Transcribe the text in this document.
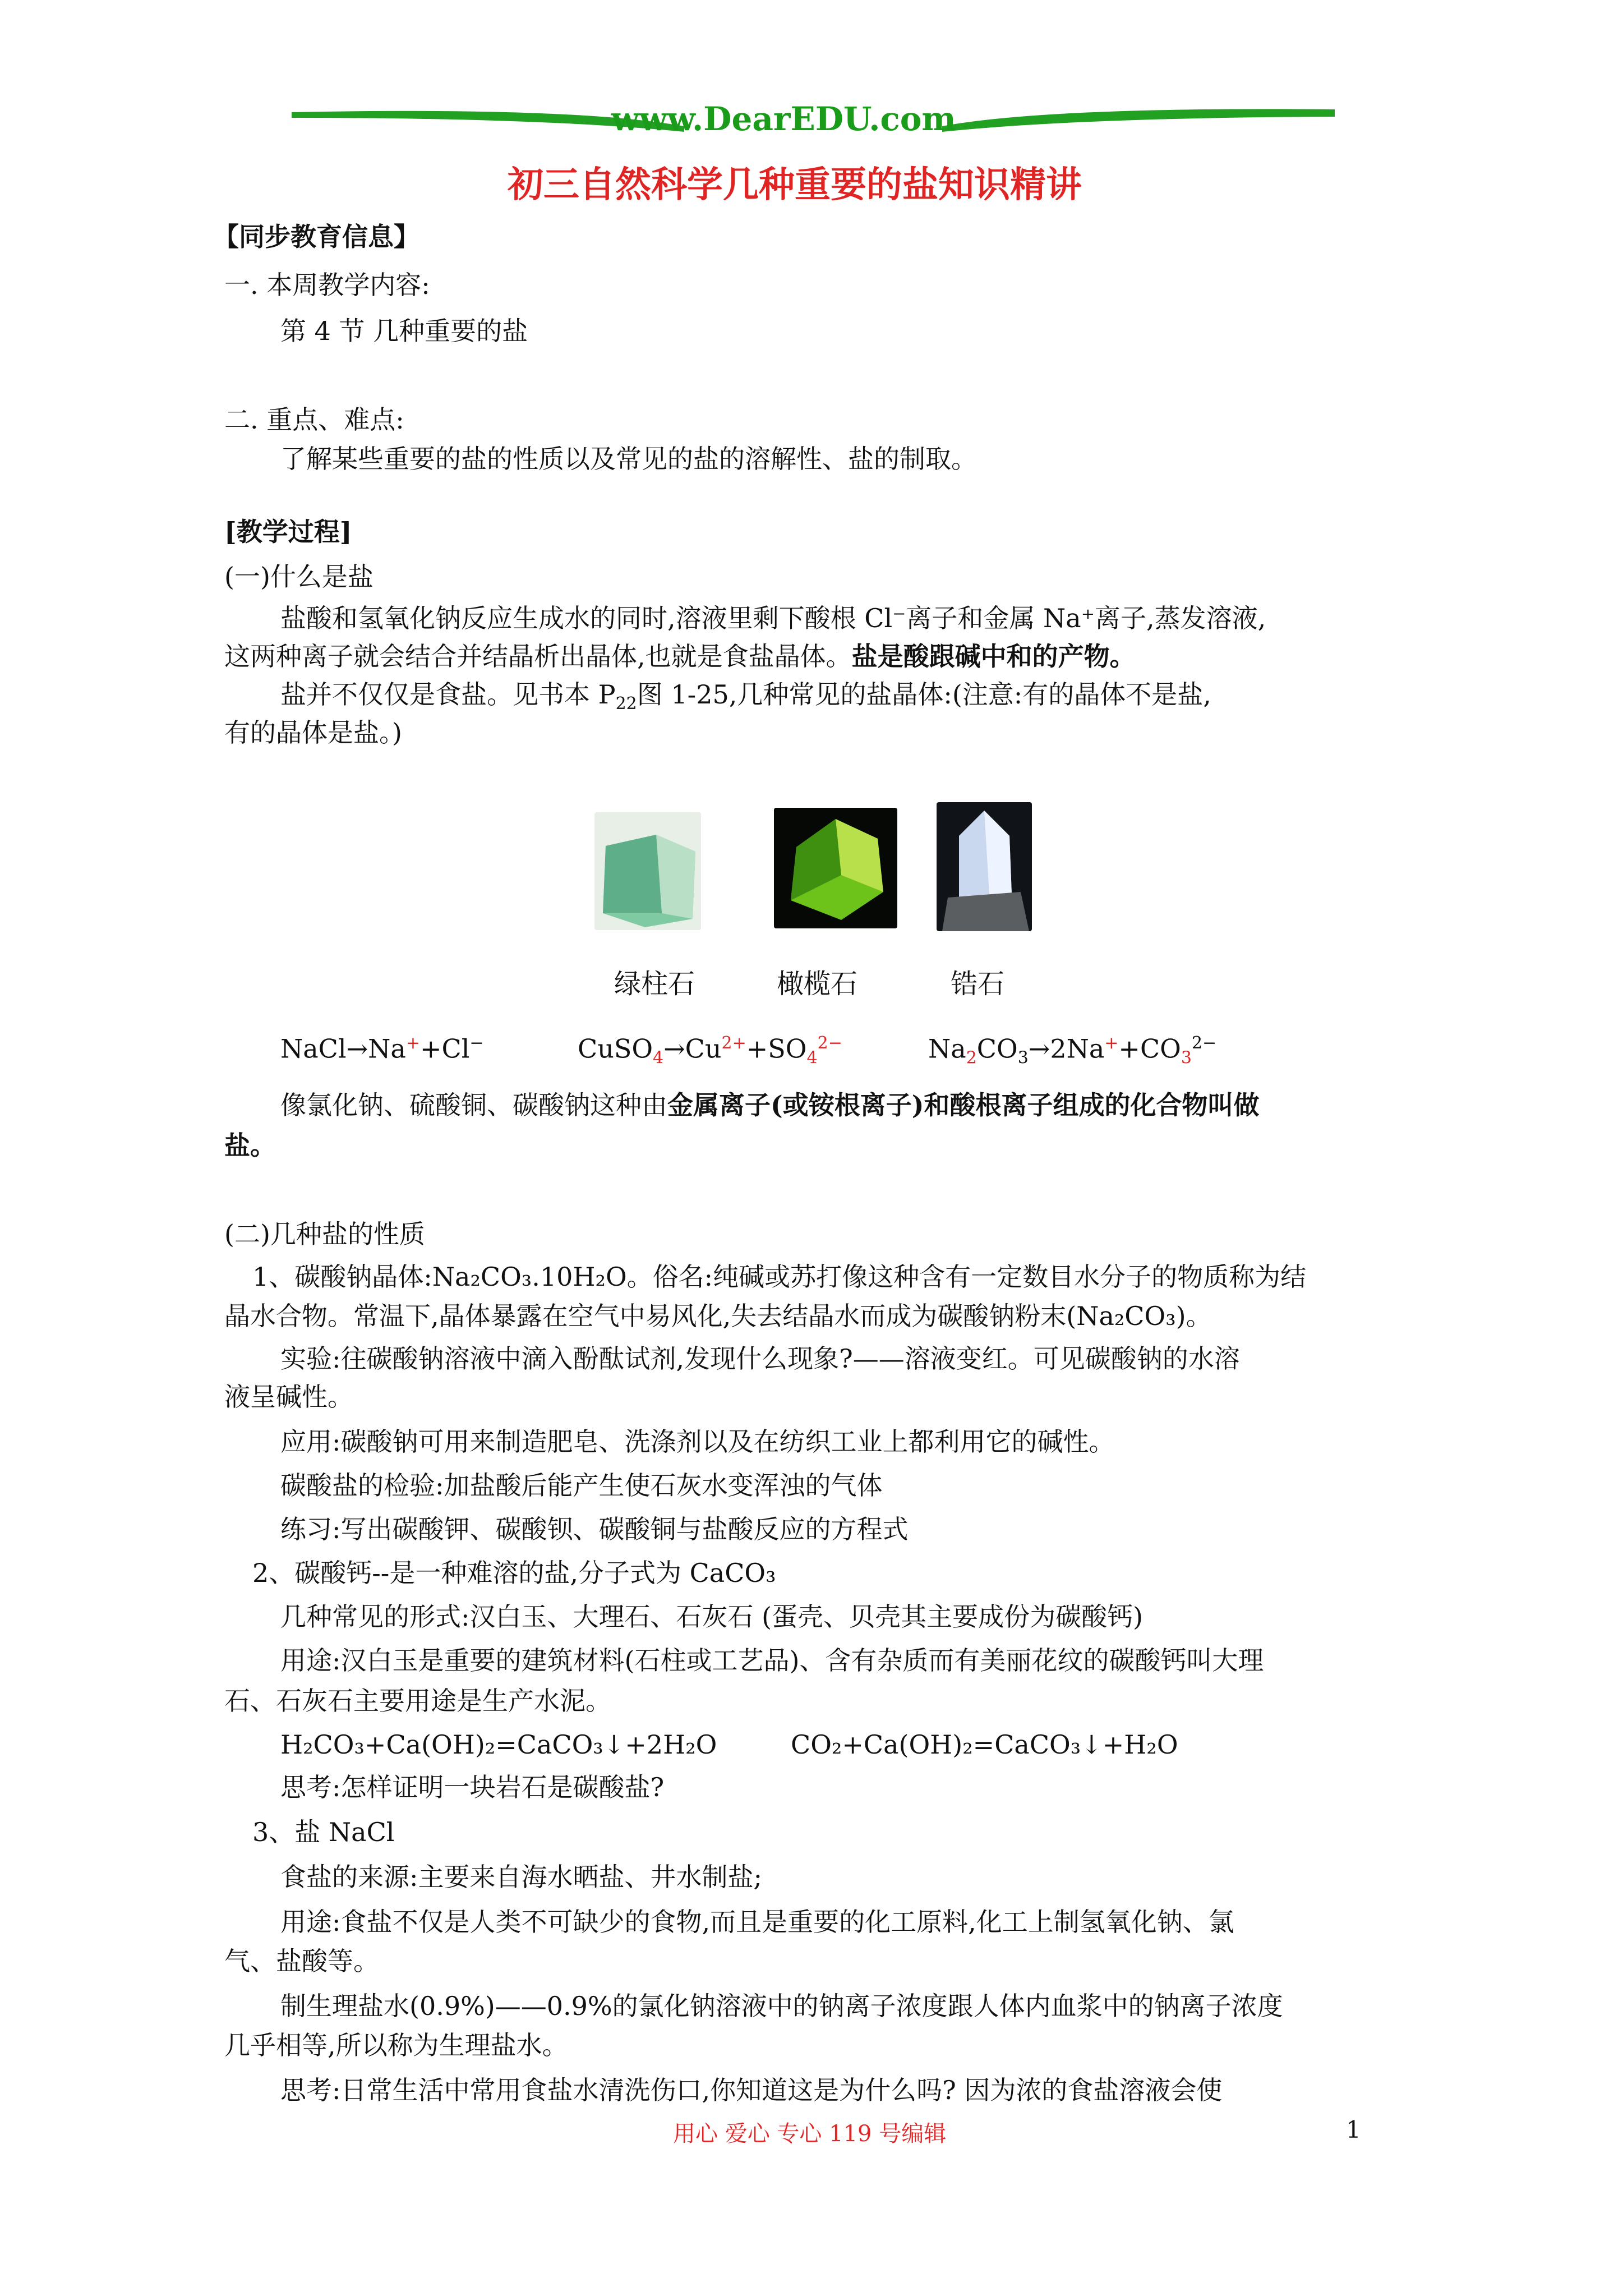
www.DearEDU.com
初三自然科学几种重要的盐知识精讲
【同步教育信息】
一. 本周教学内容:
第 4 节 几种重要的盐
二. 重点、难点:
了解某些重要的盐的性质以及常见的盐的溶解性、盐的制取。
[教学过程]
(一)什么是盐
盐酸和氢氧化钠反应生成水的同时,溶液里剩下酸根 Cl⁻离子和金属 Na⁺离子,蒸发溶液,
这两种离子就会结合并结晶析出晶体,也就是食盐晶体。盐是酸跟碱中和的产物。
盐并不仅仅是食盐。见书本 $P_{22}$图 1-25,几种常见的盐晶体:(注意:有的晶体不是盐,
有的晶体是盐。)
绿柱石	橄榄石	锆石
NaCl→Na++Cl−	$CuSO_4\to Cu^{2+}+SO_4^{2-}$	$Na_2CO_3\to 2Na^++CO_3^{2-}$
像氯化钠、硫酸铜、碳酸钠这种由金属离子(或铵根离子)和酸根离子组成的化合物叫做
盐。
(二)几种盐的性质
1、碳酸钠晶体:Na₂CO₃.10H₂O。俗名:纯碱或苏打像这种含有一定数目水分子的物质称为结
晶水合物。常温下,晶体暴露在空气中易风化,失去结晶水而成为碳酸钠粉末(Na₂CO₃)。
实验:往碳酸钠溶液中滴入酚酞试剂,发现什么现象?——溶液变红。可见碳酸钠的水溶
液呈碱性。
应用:碳酸钠可用来制造肥皂、洗涤剂以及在纺织工业上都利用它的碱性。
碳酸盐的检验:加盐酸后能产生使石灰水变浑浊的气体
练习:写出碳酸钾、碳酸钡、碳酸铜与盐酸反应的方程式
2、碳酸钙--是一种难溶的盐,分子式为 CaCO₃
几种常见的形式:汉白玉、大理石、石灰石 (蛋壳、贝壳其主要成份为碳酸钙)
用途:汉白玉是重要的建筑材料(石柱或工艺品)、含有杂质而有美丽花纹的碳酸钙叫大理
石、石灰石主要用途是生产水泥。
H₂CO₃+Ca(OH)₂=CaCO₃↓+2H₂O	CO₂+Ca(OH)₂=CaCO₃↓+H₂O
思考:怎样证明一块岩石是碳酸盐?
3、盐 NaCl
食盐的来源:主要来自海水晒盐、井水制盐;
用途:食盐不仅是人类不可缺少的食物,而且是重要的化工原料,化工上制氢氧化钠、氯
气、盐酸等。
制生理盐水(0.9%)——0.9%的氯化钠溶液中的钠离子浓度跟人体内血浆中的钠离子浓度
几乎相等,所以称为生理盐水。
思考:日常生活中常用食盐水清洗伤口,你知道这是为什么吗? 因为浓的食盐溶液会使
用心 爱心 专心 119 号编辑	1
